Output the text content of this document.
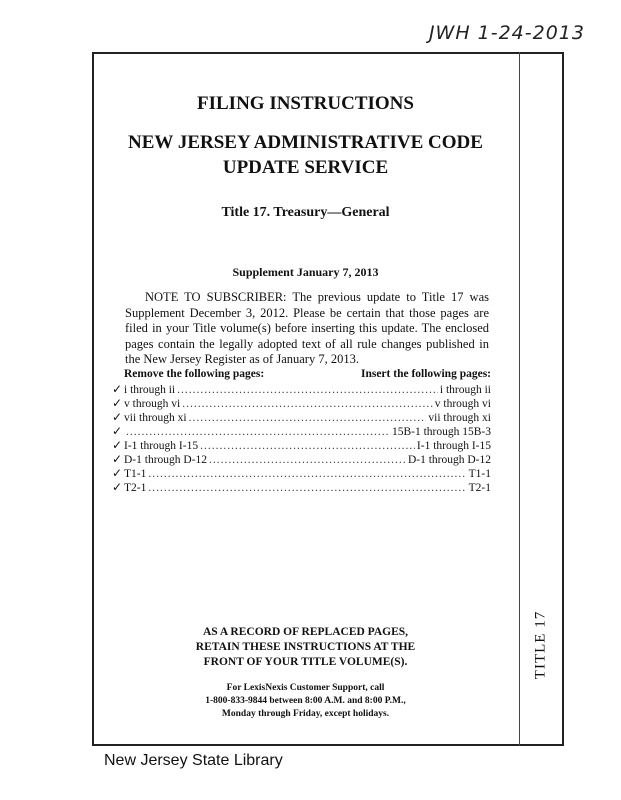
JWH 1-24-2013
FILING INSTRUCTIONS
NEW JERSEY ADMINISTRATIVE CODE
UPDATE SERVICE
Title 17. Treasury—General
Supplement January 7, 2013
NOTE TO SUBSCRIBER: The previous update to Title 17 was Supplement December 3, 2012. Please be certain that those pages are filed in your Title volume(s) before inserting this update. The enclosed pages contain the legally adopted text of all rule changes published in the New Jersey Register as of January 7, 2013.
Remove the following pages:	Insert the following pages:
✓ i through ii .....	i through ii
✓ v through vi .....	v through vi
✓ vii through xi .....	vii through xi
✓ .....	15B-1 through 15B-3
✓ I-1 through I-15 .....	I-1 through I-15
✓ D-1 through D-12 .....	D-1 through D-12
✓ T1-1 .....	T1-1
✓ T2-1 .....	T2-1
AS A RECORD OF REPLACED PAGES,
RETAIN THESE INSTRUCTIONS AT THE
FRONT OF YOUR TITLE VOLUME(S).
For LexisNexis Customer Support, call
1-800-833-9844 between 8:00 A.M. and 8:00 P.M.,
Monday through Friday, except holidays.
TITLE 17
New Jersey State Library
